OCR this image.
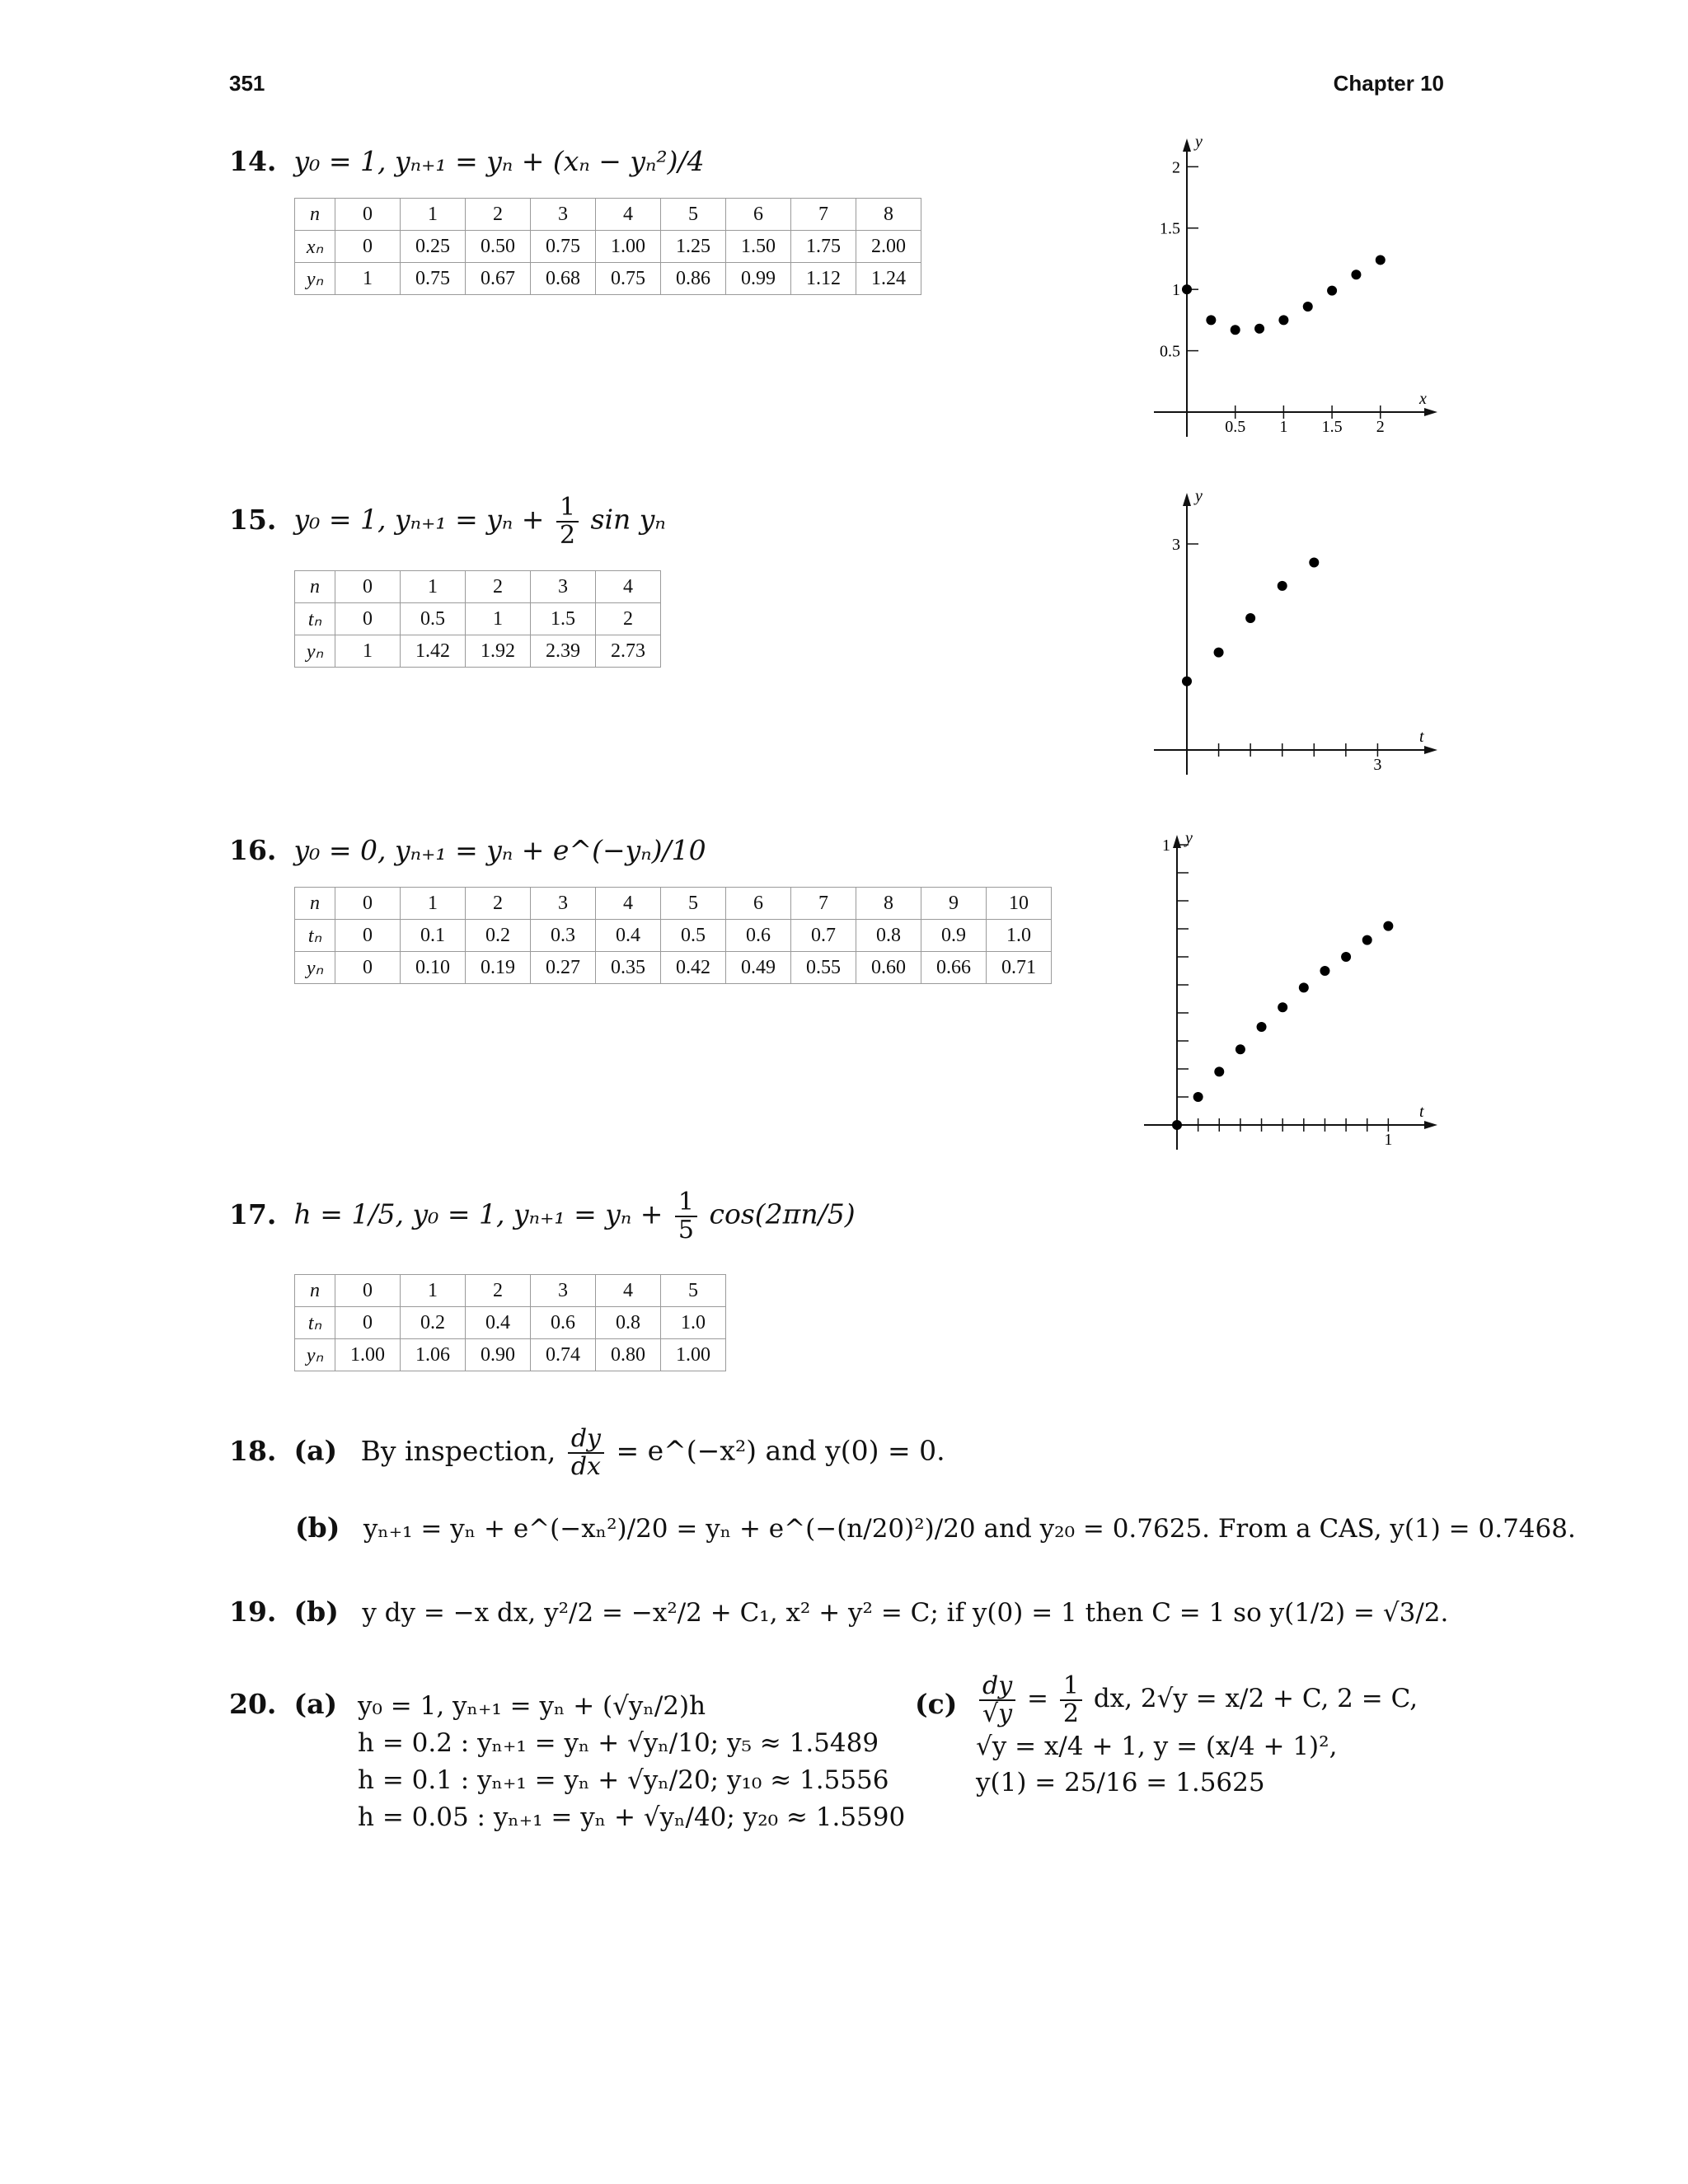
351	Chapter 10
14. y₀ = 1, yₙ₊₁ = yₙ + (xₙ − yₙ²)/4
n	0	1	2	3	4	5	6	7	8
xₙ	0	0.25	0.50	0.75	1.00	1.25	1.50	1.75	2.00
yₙ	1	0.75	0.67	0.68	0.75	0.86	0.99	1.12	1.24
15. y₀ = 1, $y_{n+1} = y_n + \frac{1}{2}$ sin yₙ
n	0	1	2	3	4
tₙ	0	0.5	1	1.5	2
yₙ	1	1.42	1.92	2.39	2.73
16. y₀ = 0, yₙ₊₁ = yₙ + e^(−yₙ)/10
n	0	1	2	3	4	5	6	7	8	9	10
tₙ	0	0.1	0.2	0.3	0.4	0.5	0.6	0.7	0.8	0.9	1.0
yₙ	0	0.10	0.19	0.27	0.35	0.42	0.49	0.55	0.60	0.66	0.71
17. h = 1/5, y₀ = 1, $y_{n+1} = y_n + \frac{1}{5} \cos(2\pi n/5)$
n	0	1	2	3	4	5
tₙ	0	0.2	0.4	0.6	0.8	1.0
yₙ	1.00	1.06	0.90	0.74	0.80	1.00
18. (a) By inspection, $\frac{dy}{dx}$ = e^(−x²) and y(0) = 0.
(b) yₙ₊₁ = yₙ + e^(−xₙ²)/20 = yₙ + e^(−(n/20)²)/20 and y₂₀ = 0.7625. From a CAS, y(1) = 0.7468.
19. (b) y dy = −x dx, y²/2 = −x²/2 + C₁, x² + y² = C; if y(0) = 1 then C = 1 so y(1/2) = √3/2.
20. (a) y₀ = 1, yₙ₊₁ = yₙ + (√yₙ/2)h
h = 0.2 : yₙ₊₁ = yₙ + √yₙ/10; y₅ ≈ 1.5489
h = 0.1 : yₙ₊₁ = yₙ + √yₙ/20; y₁₀ ≈ 1.5556
h = 0.05 : yₙ₊₁ = yₙ + √yₙ/40; y₂₀ ≈ 1.5590
$(c) \frac{dy}{√y} = \frac{1}{2}$ dx, 2√y = x/2 + C, 2 = C,
√y = x/4 + 1, y = (x/4 + 1)²,
y(1) = 25/16 = 1.5625
x
y
0.5 1 1.5 2
0.5
1
1.5
2
t
y
3
3
t
y
1
1
